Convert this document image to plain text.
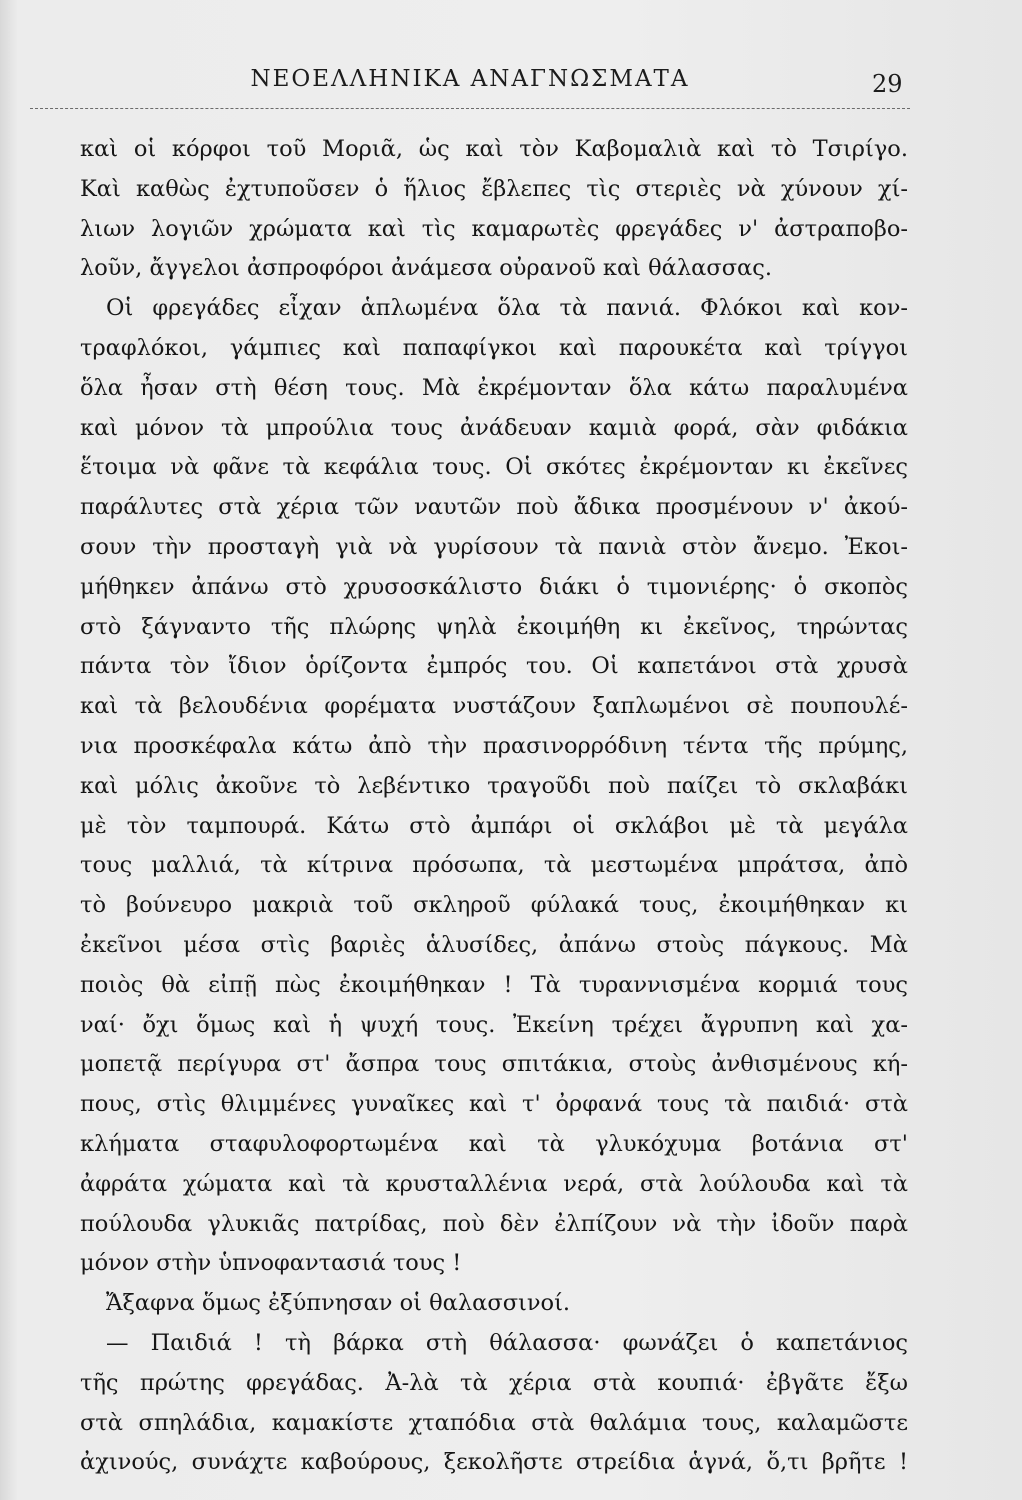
ΝΕΟΕΛΛΗΝΙΚΑ ΑΝΑΓΝΩΣΜΑΤΑ	29
καὶ οἱ κόρφοι τοῦ Μοριᾶ, ὡς καὶ τὸν Καβομαλιὰ καὶ τὸ Τσιρίγο.
Καὶ καθὼς ἐχτυποῦσεν ὁ ἥλιος ἔβλεπες τὶς στεριὲς νὰ χύνουν χί-
λιων λογιῶν χρώματα καὶ τὶς καμαρωτὲς φρεγάδες ν' ἀστραποβο-
λοῦν, ἄγγελοι ἀσπροφόροι ἀνάμεσα οὐρανοῦ καὶ θάλασσας.
Οἱ φρεγάδες εἶχαν ἁπλωμένα ὅλα τὰ πανιά. Φλόκοι καὶ κον-
τραφλόκοι, γάμπιες καὶ παπαφίγκοι καὶ παρουκέτα καὶ τρίγγοι
ὅλα ἦσαν στὴ θέση τους. Μὰ ἐκρέμονταν ὅλα κάτω παραλυμένα
καὶ μόνον τὰ μπρούλια τους ἀνάδευαν καμιὰ φορά, σὰν φιδάκια
ἕτοιμα νὰ φᾶνε τὰ κεφάλια τους. Οἱ σκότες ἐκρέμονταν κι ἐκεῖνες
παράλυτες στὰ χέρια τῶν ναυτῶν ποὺ ἄδικα προσμένουν ν' ἀκού-
σουν τὴν προσταγὴ γιὰ νὰ γυρίσουν τὰ πανιὰ στὸν ἄνεμο. Ἐκοι-
μήθηκεν ἀπάνω στὸ χρυσοσκάλιστο διάκι ὁ τιμονιέρης· ὁ σκοπὸς
στὸ ξάγναντο τῆς πλώρης ψηλὰ ἐκοιμήθη κι ἐκεῖνος, τηρώντας
πάντα τὸν ἴδιον ὁρίζοντα ἐμπρός του. Οἱ καπετάνοι στὰ χρυσὰ
καὶ τὰ βελουδένια φορέματα νυστάζουν ξαπλωμένοι σὲ πουπουλέ-
νια προσκέφαλα κάτω ἀπὸ τὴν πρασινορρόδινη τέντα τῆς πρύμης,
καὶ μόλις ἀκοῦνε τὸ λεβέντικο τραγοῦδι ποὺ παίζει τὸ σκλαβάκι
μὲ τὸν ταμπουρά. Κάτω στὸ ἀμπάρι οἱ σκλάβοι μὲ τὰ μεγάλα
τους μαλλιά, τὰ κίτρινα πρόσωπα, τὰ μεστωμένα μπράτσα, ἀπὸ
τὸ βούνευρο μακριὰ τοῦ σκληροῦ φύλακά τους, ἐκοιμήθηκαν κι
ἐκεῖνοι μέσα στὶς βαριὲς ἁλυσίδες, ἀπάνω στοὺς πάγκους. Μὰ
ποιὸς θὰ εἰπῇ πὼς ἐκοιμήθηκαν ! Τὰ τυραννισμένα κορμιά τους
ναί· ὄχι ὅμως καὶ ἡ ψυχή τους. Ἐκείνη τρέχει ἄγρυπνη καὶ χα-
μοπετᾷ περίγυρα στ' ἄσπρα τους σπιτάκια, στοὺς ἀνθισμένους κή-
πους, στὶς θλιμμένες γυναῖκες καὶ τ' ὀρφανά τους τὰ παιδιά· στὰ
κλήματα σταφυλοφορτωμένα καὶ τὰ γλυκόχυμα βοτάνια στ'
ἀφράτα χώματα καὶ τὰ κρυσταλλένια νερά, στὰ λούλουδα καὶ τὰ
πούλουδα γλυκιᾶς πατρίδας, ποὺ δὲν ἐλπίζουν νὰ τὴν ἰδοῦν παρὰ
μόνον στὴν ὑπνοφαντασιά τους !
Ἄξαφνα ὅμως ἐξύπνησαν οἱ θαλασσινοί.
— Παιδιά ! τὴ βάρκα στὴ θάλασσα· φωνάζει ὁ καπετάνιος
τῆς πρώτης φρεγάδας. Ἀ-λὰ τὰ χέρια στὰ κουπιά· ἐβγᾶτε ἔξω
στὰ σπηλάδια, καμακίστε χταπόδια στὰ θαλάμια τους, καλαμῶστε
ἀχινούς, συνάχτε καβούρους, ξεκολῆστε στρείδια ἁγνά, ὅ,τι βρῆτε !
